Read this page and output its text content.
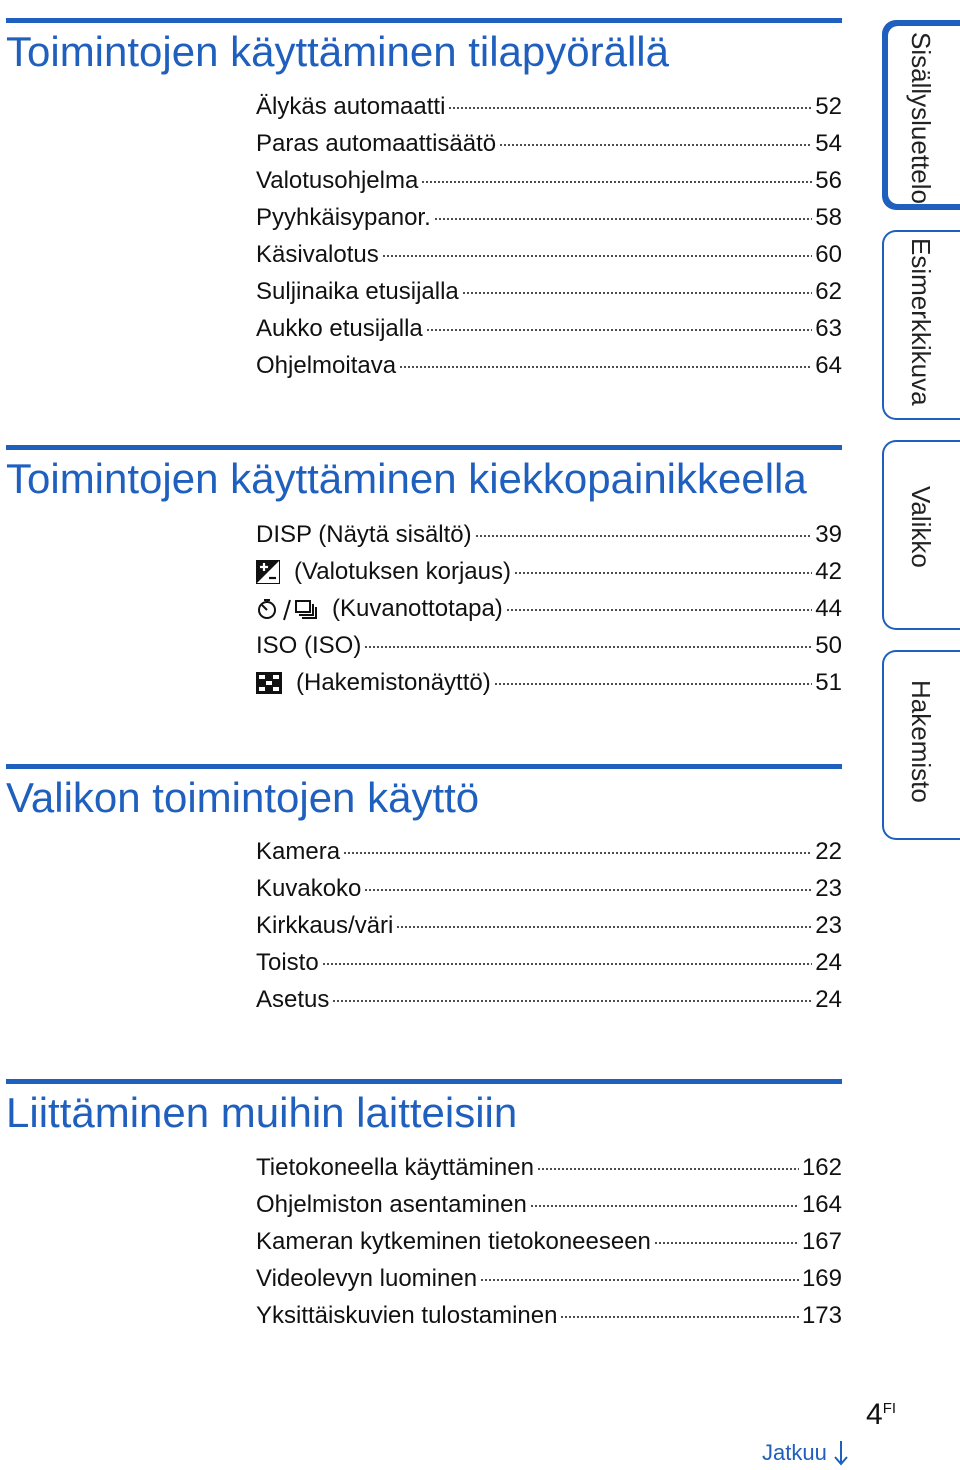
Toimintojen käyttäminen tilapyörällä
Älykäs automaatti	52
Paras automaattisäätö	54
Valotusohjelma	56
Pyyhkäisypanor.	58
Käsivalotus	60
Suljinaika etusijalla	62
Aukko etusijalla	63
Ohjelmoitava	64
Toimintojen käyttäminen kiekkopainikkeella
DISP (Näytä sisältö)	39
(Valotuksen korjaus)	42
(Kuvanottotapa)	44
ISO (ISO)	50
(Hakemistonäyttö)	51
Valikon toimintojen käyttö
Kamera	22
Kuvakoko	23
Kirkkaus/väri	23
Toisto	24
Asetus	24
Liittäminen muihin laitteisiin
Tietokoneella käyttäminen	162
Ohjelmiston asentaminen	164
Kameran kytkeminen tietokoneeseen	167
Videolevyn luominen	169
Yksittäiskuvien tulostaminen	173
Sisällysluettelo
Esimerkkikuva
Valikko
Hakemisto
$4^{FI}$
Jatkuu
